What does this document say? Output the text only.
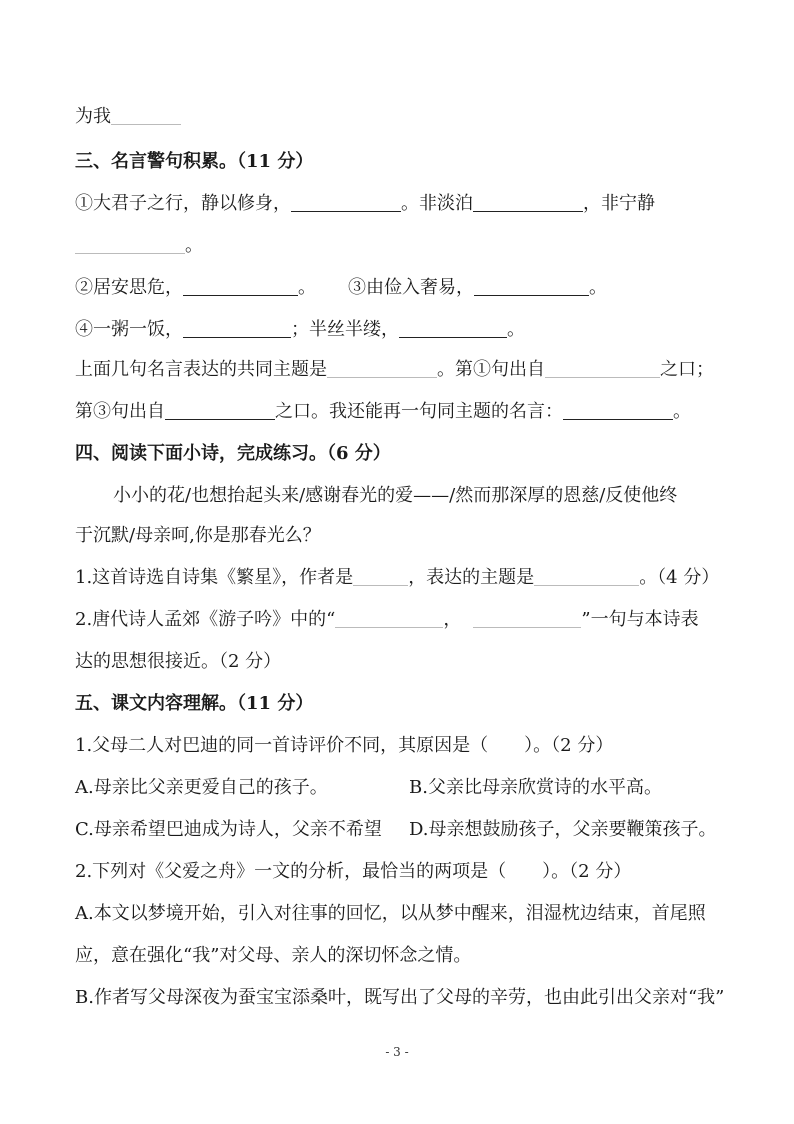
为我
三、名言警句积累。（11 分）
①大君子之行，静以修身，	。非淡泊	，非宁静
。
②居安思危，	。 ③由俭入奢易，	。
④一粥一饭，	；半丝半缕，	。
上面几句名言表达的共同主题是	。第①句出自	之口；
第③句出自	之口。我还能再一句同主题的名言：	。
四、阅读下面小诗，完成练习。（6 分）
小小的花/也想抬起头来/感谢春光的爱——/然而那深厚的恩慈/反使他终
于沉默/母亲呵,你是那春光么？
1.这首诗选自诗集《繁星》，作者是	，表达的主题是	。（4 分）
2.唐代诗人孟郊《游子吟》中的“	，	”一句与本诗表
达的思想很接近。（2 分）
五、课文内容理解。（11 分）
1.父母二人对巴迪的同一首诗评价不同，其原因是（　　）。（2 分）
A.母亲比父亲更爱自己的孩子。	B.父亲比母亲欣赏诗的水平高。
C.母亲希望巴迪成为诗人，父亲不希望 D.母亲想鼓励孩子，父亲要鞭策孩子。
2.下列对《父爱之舟》一文的分析，最恰当的两项是（　　）。（2 分）
A.本文以梦境开始，引入对往事的回忆，以从梦中醒来，泪湿枕边结束，首尾照
应，意在强化“我”对父母、亲人的深切怀念之情。
B.作者写父母深夜为蚕宝宝添桑叶，既写出了父母的辛劳，也由此引出父亲对“我”
- 3 -
